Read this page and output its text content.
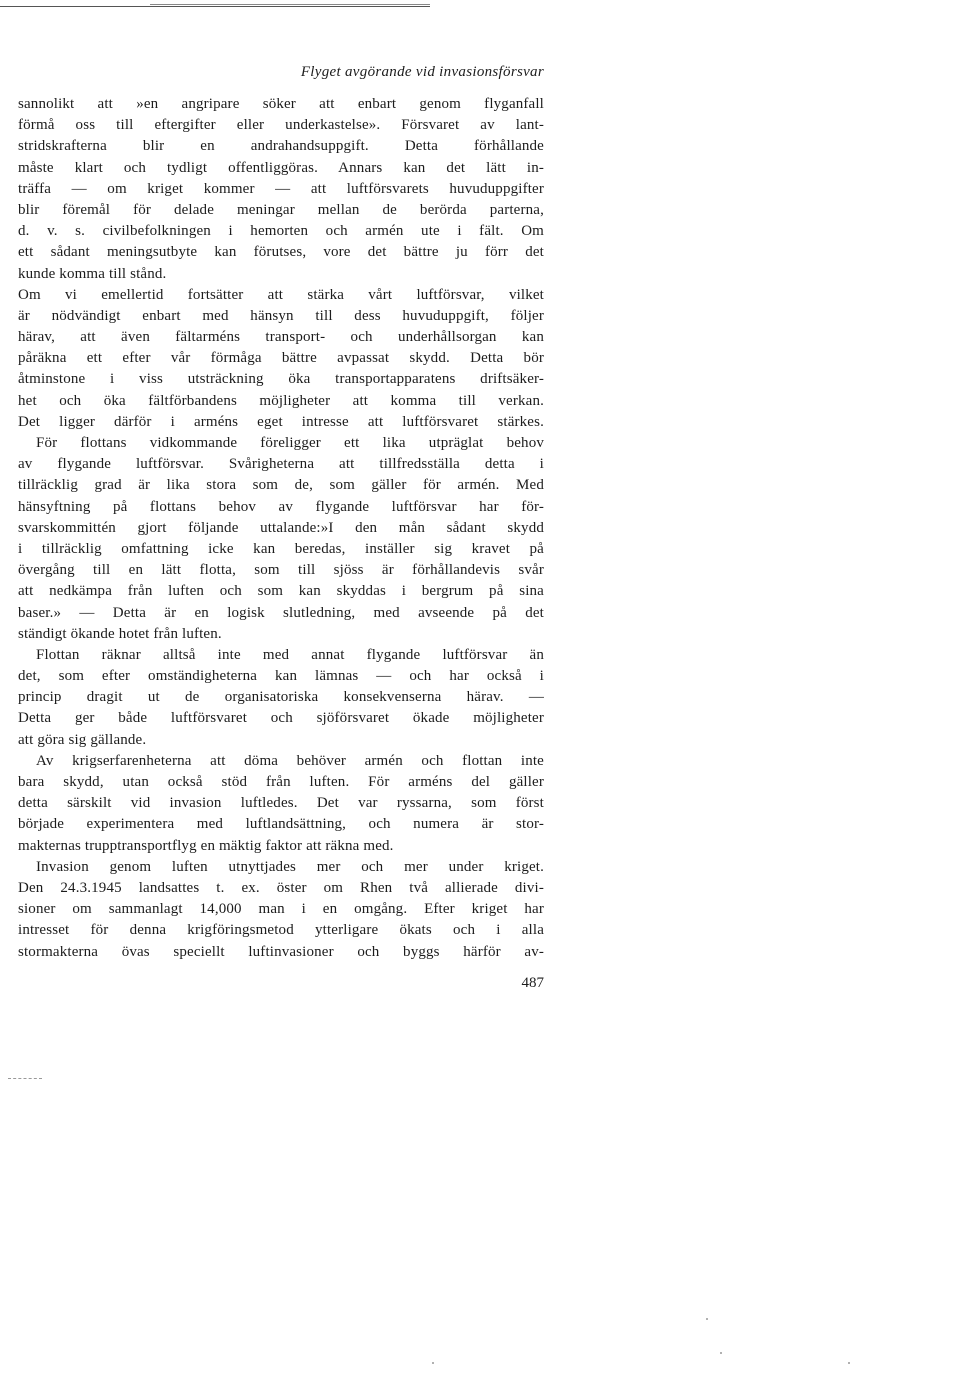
Flyget avgörande vid invasionsförsvar
sannolikt att »en angripare söker att enbart genom flyganfall
förmå oss till eftergifter eller underkastelse». Försvaret av lant-
stridskrafterna blir en andrahandsuppgift. Detta förhållande
måste klart och tydligt offentliggöras. Annars kan det lätt in-
träffa — om kriget kommer — att luftförsvarets huvuduppgifter
blir föremål för delade meningar mellan de berörda parterna,
d. v. s. civilbefolkningen i hemorten och armén ute i fält. Om
ett sådant meningsutbyte kan förutses, vore det bättre ju förr det
kunde komma till stånd.
Om vi emellertid fortsätter att stärka vårt luftförsvar, vilket
är nödvändigt enbart med hänsyn till dess huvuduppgift, följer
härav, att även fältarméns transport- och underhållsorgan kan
påräkna ett efter vår förmåga bättre avpassat skydd. Detta bör
åtminstone i viss utsträckning öka transportapparatens driftsäker-
het och öka fältförbandens möjligheter att komma till verkan.
Det ligger därför i arméns eget intresse att luftförsvaret stärkes.
För flottans vidkommande föreligger ett lika utpräglat behov
av flygande luftförsvar. Svårigheterna att tillfredsställa detta i
tillräcklig grad är lika stora som de, som gäller för armén. Med
hänsyftning på flottans behov av flygande luftförsvar har för-
svarskommittén gjort följande uttalande:»I den mån sådant skydd
i tillräcklig omfattning icke kan beredas, inställer sig kravet på
övergång till en lätt flotta, som till sjöss är förhållandevis svår
att nedkämpa från luften och som kan skyddas i bergrum på sina
baser.» — Detta är en logisk slutledning, med avseende på det
ständigt ökande hotet från luften.
Flottan räknar alltså inte med annat flygande luftförsvar än
det, som efter omständigheterna kan lämnas — och har också i
princip dragit ut de organisatoriska konsekvenserna härav. —
Detta ger både luftförsvaret och sjöförsvaret ökade möjligheter
att göra sig gällande.
Av krigserfarenheterna att döma behöver armén och flottan inte
bara skydd, utan också stöd från luften. För arméns del gäller
detta särskilt vid invasion luftledes. Det var ryssarna, som först
började experimentera med luftlandsättning, och numera är stor-
makternas trupptransportflyg en mäktig faktor att räkna med.
Invasion genom luften utnyttjades mer och mer under kriget.
Den 24.3.1945 landsattes t. ex. öster om Rhen två allierade divi-
sioner om sammanlagt 14,000 man i en omgång. Efter kriget har
intresset för denna krigföringsmetod ytterligare ökats och i alla
stormakterna övas speciellt luftinvasioner och byggs härför av-
487
